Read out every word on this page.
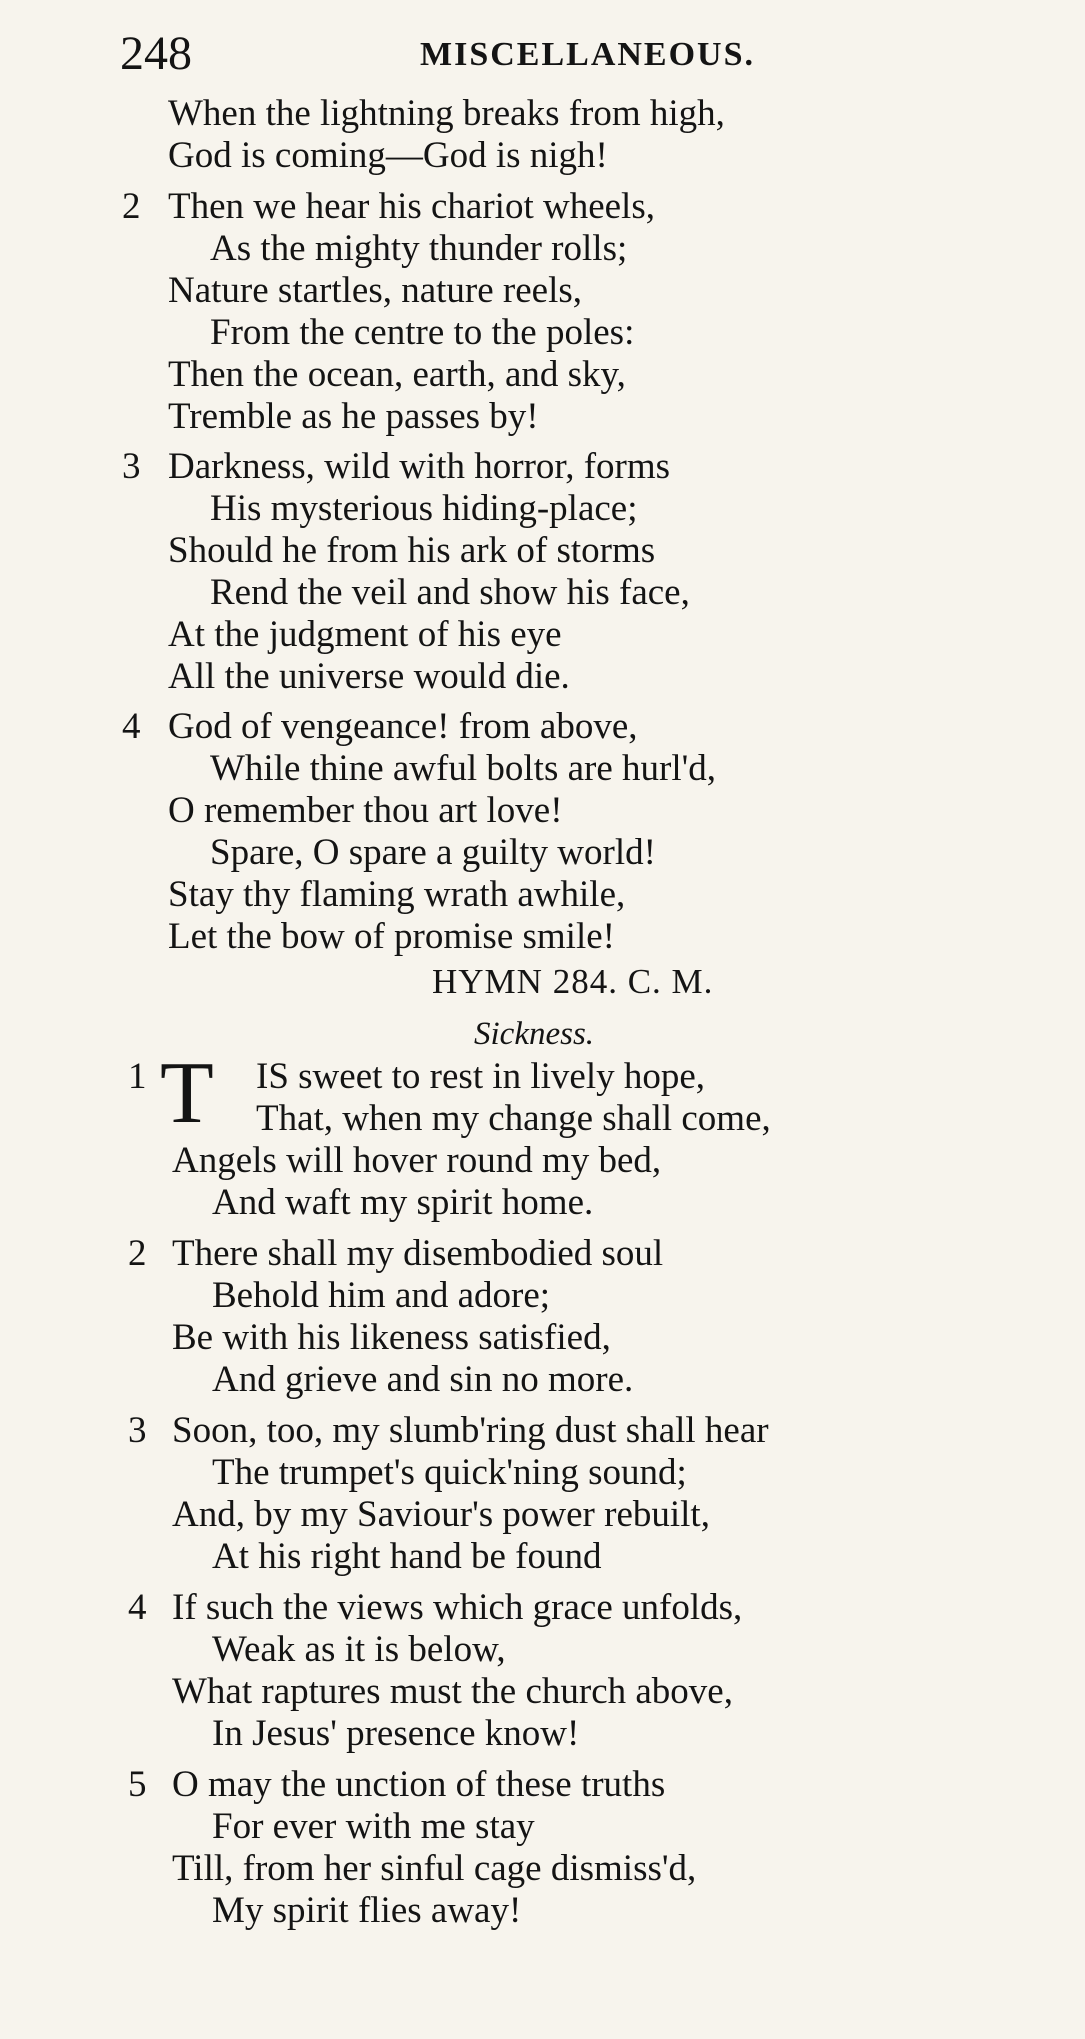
248	MISCELLANEOUS.
When the lightning breaks from high,
God is coming—God is nigh!
2 Then we hear his chariot wheels,
As the mighty thunder rolls;
Nature startles, nature reels,
From the centre to the poles:
Then the ocean, earth, and sky,
Tremble as he passes by!
3 Darkness, wild with horror, forms
His mysterious hiding-place;
Should he from his ark of storms
Rend the veil and show his face,
At the judgment of his eye
All the universe would die.
4 God of vengeance! from above,
While thine awful bolts are hurl'd,
O remember thou art love!
Spare, O spare a guilty world!
Stay thy flaming wrath awhile,
Let the bow of promise smile!
HYMN 284. C. M.
Sickness.
1 T IS sweet to rest in lively hope,
That, when my change shall come,
Angels will hover round my bed,
And waft my spirit home.
2 There shall my disembodied soul
Behold him and adore;
Be with his likeness satisfied,
And grieve and sin no more.
3 Soon, too, my slumb'ring dust shall hear
The trumpet's quick'ning sound;
And, by my Saviour's power rebuilt,
At his right hand be found
4 If such the views which grace unfolds,
Weak as it is below,
What raptures must the church above,
In Jesus' presence know!
5 O may the unction of these truths
For ever with me stay
Till, from her sinful cage dismiss'd,
My spirit flies away!
